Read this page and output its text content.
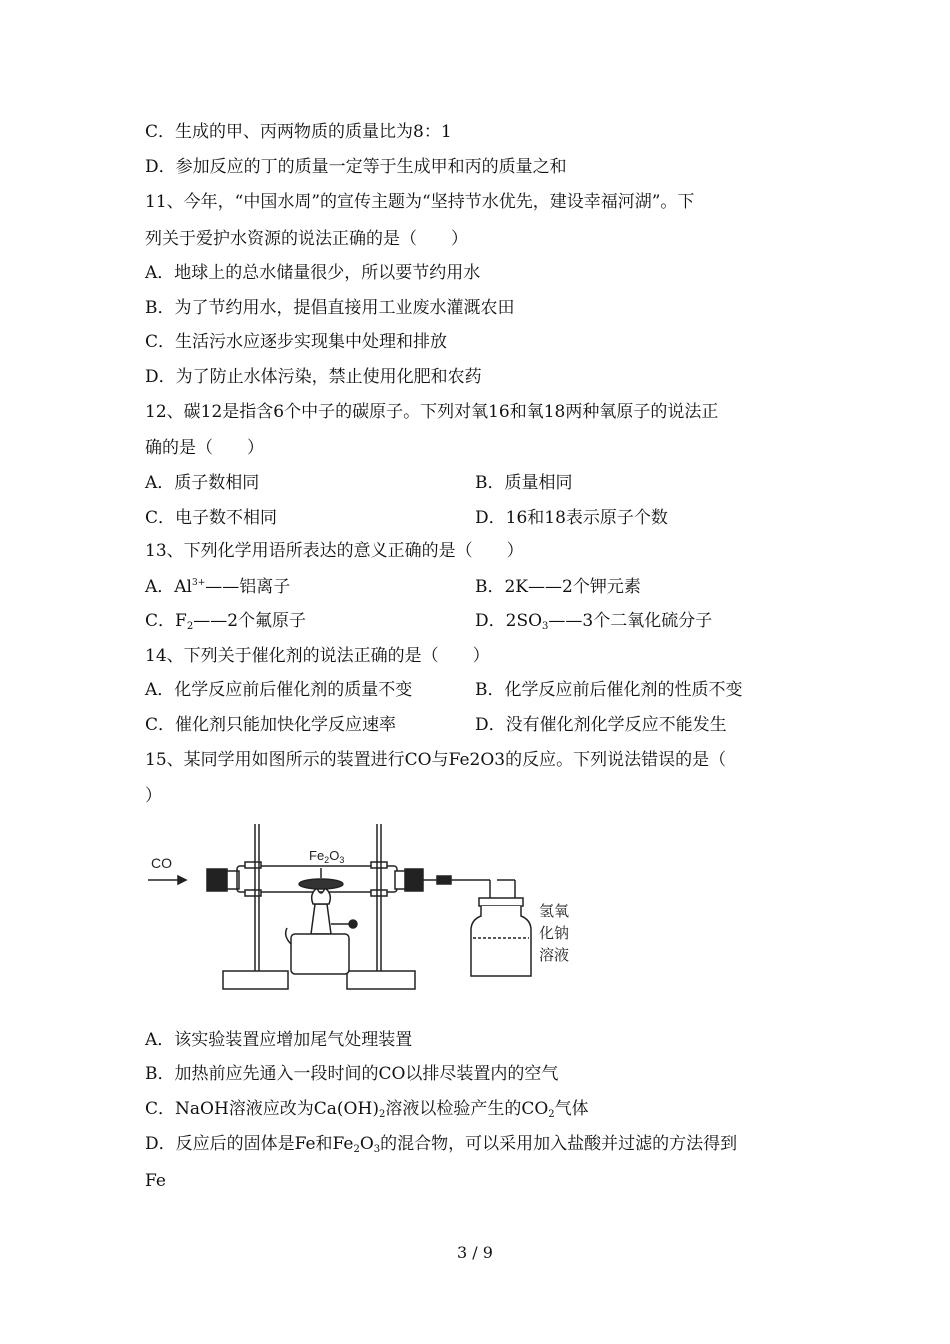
C．生成的甲、丙两物质的质量比为8：1
D．参加反应的丁的质量一定等于生成甲和丙的质量之和
11、今年，“中国水周”的宣传主题为“坚持节水优先，建设幸福河湖”。下
列关于爱护水资源的说法正确的是（　　）
A．地球上的总水储量很少，所以要节约用水
B．为了节约用水，提倡直接用工业废水灌溉农田
C．生活污水应逐步实现集中处理和排放
D．为了防止水体污染，禁止使用化肥和农药
12、碳12是指含6个中子的碳原子。下列对氧16和氧18两种氧原子的说法正
确的是（　　）
A．质子数相同	B．质量相同
C．电子数不相同	D．16和18表示原子个数
13、下列化学用语所表达的意义正确的是（　　）
A．$Al^{3+}——$铝离子	B．2K——2个钾元素
C．$F_2——2$个氟原子	D．$2SO_3——3$个二氧化硫分子
14、下列关于催化剂的说法正确的是（　　）
A．化学反应前后催化剂的质量不变	B．化学反应前后催化剂的性质不变
C．催化剂只能加快化学反应速率	D．没有催化剂化学反应不能发生
15、某同学用如图所示的装置进行CO与Fe2O3的反应。下列说法错误的是（
）
CO	$Fe_2O_3$
氢氧
化钠
溶液
A．该实验装置应增加尾气处理装置
B．加热前应先通入一段时间的CO以排尽装置内的空气
C．NaOH溶液应改为$Ca(OH)_2$溶液以检验产生的$CO_2$气体
D．反应后的固体是Fe和$Fe_2O_3$的混合物，可以采用加入盐酸并过滤的方法得到
Fe
3 / 9
